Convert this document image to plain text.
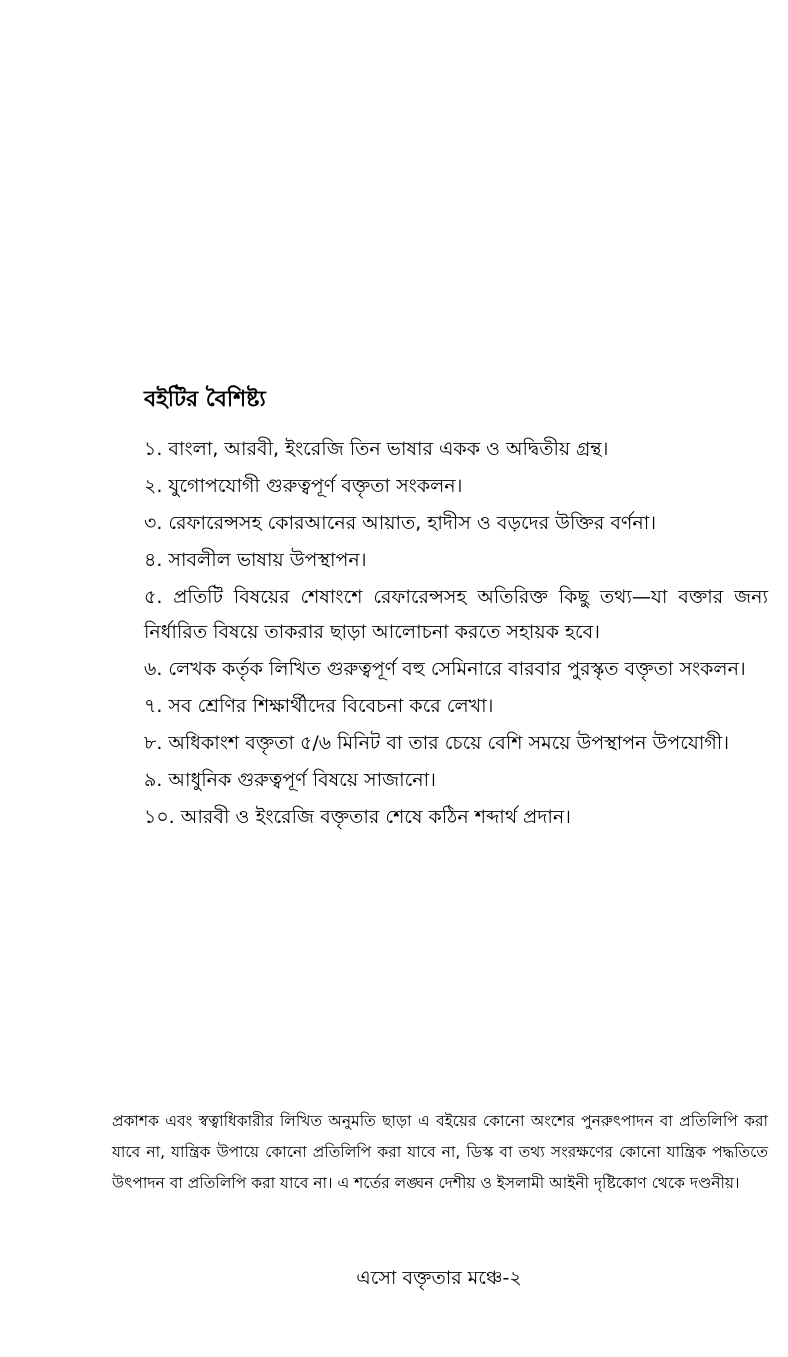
বইটির বৈশিষ্ট্য
১. বাংলা, আরবী, ইংরেজি তিন ভাষার একক ও অদ্বিতীয় গ্রন্থ।
২. যুগোপযোগী গুরুত্বপূর্ণ বক্তৃতা সংকলন।
৩. রেফারেন্সসহ কোরআনের আয়াত, হাদীস ও বড়দের উক্তির বর্ণনা।
৪. সাবলীল ভাষায় উপস্থাপন।
৫. প্রতিটি বিষয়ের শেষাংশে রেফারেন্সসহ অতিরিক্ত কিছু তথ্য—যা বক্তার জন্য নির্ধারিত বিষয়ে তাকরার ছাড়া আলোচনা করতে সহায়ক হবে।
৬. লেখক কর্তৃক লিখিত গুরুত্বপূর্ণ বহু সেমিনারে বারবার পুরস্কৃত বক্তৃতা সংকলন।
৭. সব শ্রেণির শিক্ষার্থীদের বিবেচনা করে লেখা।
৮. অধিকাংশ বক্তৃতা ৫/৬ মিনিট বা তার চেয়ে বেশি সময়ে উপস্থাপন উপযোগী।
৯. আধুনিক গুরুত্বপূর্ণ বিষয়ে সাজানো।
১০. আরবী ও ইংরেজি বক্তৃতার শেষে কঠিন শব্দার্থ প্রদান।

প্রকাশক এবং স্বত্বাধিকারীর লিখিত অনুমতি ছাড়া এ বইয়ের কোনো অংশের পুনরুৎপাদন বা প্রতিলিপি করা যাবে না, যান্ত্রিক উপায়ে কোনো প্রতিলিপি করা যাবে না, ডিস্ক বা তথ্য সংরক্ষণের কোনো যান্ত্রিক পদ্ধতিতে উৎপাদন বা প্রতিলিপি করা যাবে না। এ শর্তের লঙ্ঘন দেশীয় ও ইসলামী আইনী দৃষ্টিকোণ থেকে দণ্ডনীয়।

এসো বক্তৃতার মঞ্চে-২
